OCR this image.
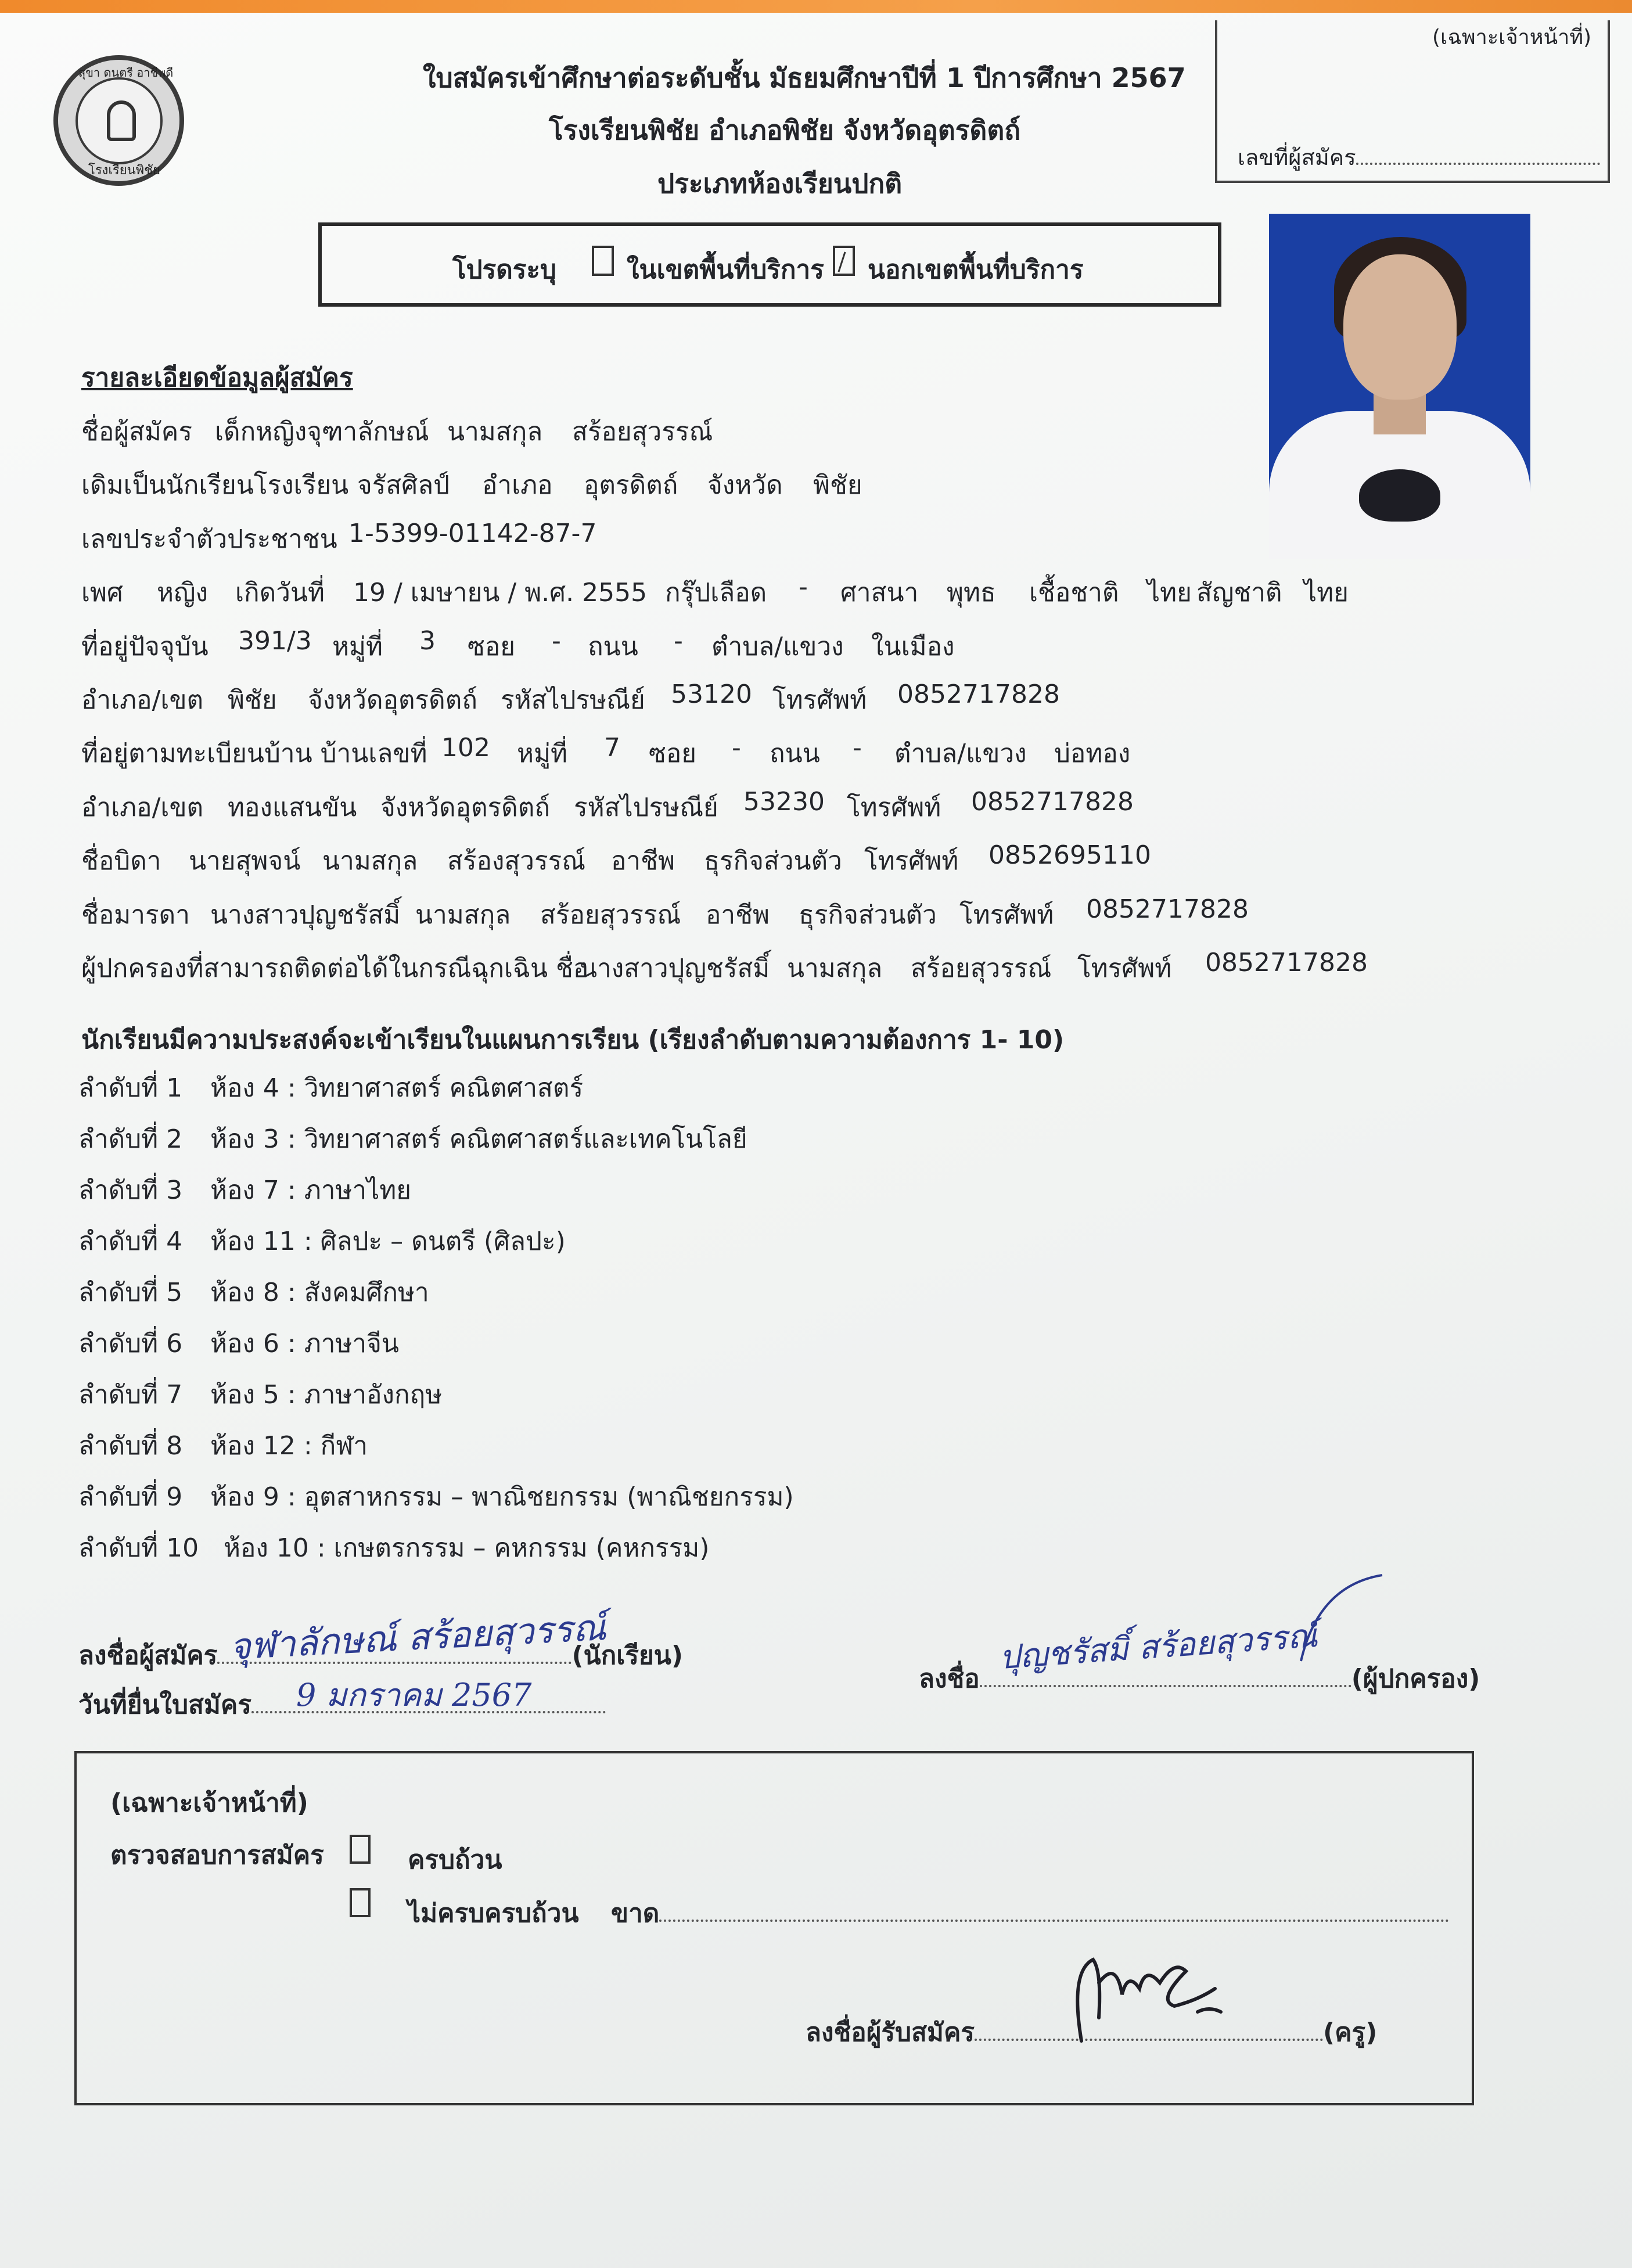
สุขา ดนตรี อาชีพดี
โรงเรียนพิชัย
ใบสมัครเข้าศึกษาต่อระดับชั้น มัธยมศึกษาปีที่ 1 ปีการศึกษา 2567
โรงเรียนพิชัย อำเภอพิชัย จังหวัดอุตรดิตถ์
ประเภทห้องเรียนปกติ
(เฉพาะเจ้าหน้าที่)
เลขที่ผู้สมัคร
โปรดระบุ	ในเขตพื้นที่บริการ นอกเขตพื้นที่บริการ
รายละเอียดข้อมูลผู้สมัคร
ชื่อผู้สมัคร เด็กหญิงจุฑาลักษณ์ นามสกุล สร้อยสุวรรณ์
เดิมเป็นนักเรียนโรงเรียน จรัสศิลป์ อำเภอ อุตรดิตถ์ จังหวัด พิชัย
เลขประจำตัวประชาชน 1-5399-01142-87-7
เพศ หญิง เกิดวันที่ 19 / เมษายน / พ.ศ. 2555 กรุ๊ปเลือด - ศาสนา พุทธ เชื้อชาติ ไทย สัญชาติ ไทย
ที่อยู่ปัจจุบัน 391/3 หมู่ที่ 3 ซอย - ถนน - ตำบล/แขวง ในเมือง
อำเภอ/เขต พิชัย จังหวัดอุตรดิตถ์ รหัสไปรษณีย์ 53120 โทรศัพท์ 0852717828
ที่อยู่ตามทะเบียนบ้าน บ้านเลขที่ 102 หมู่ที่ 7 ซอย - ถนน - ตำบล/แขวง บ่อทอง
อำเภอ/เขต ทองแสนขัน จังหวัดอุตรดิตถ์ รหัสไปรษณีย์ 53230 โทรศัพท์ 0852717828
ชื่อบิดา นายสุพจน์ นามสกุล สร้องสุวรรณ์ อาชีพ ธุรกิจส่วนตัว โทรศัพท์ 0852695110
ชื่อมารดา นางสาวปุญชรัสมิ์ นามสกุล สร้อยสุวรรณ์ อาชีพ ธุรกิจส่วนตัว โทรศัพท์ 0852717828
ผู้ปกครองที่สามารถติดต่อได้ในกรณีฉุกเฉิน ชื่อ
นางสาวปุญชรัสมิ์ นามสกุล สร้อยสุวรรณ์ โทรศัพท์ 0852717828
นักเรียนมีความประสงค์จะเข้าเรียนในแผนการเรียน (เรียงลำดับตามความต้องการ 1- 10)
ลำดับที่ 1 ห้อง 4 : วิทยาศาสตร์ คณิตศาสตร์
ลำดับที่ 2 ห้อง 3 : วิทยาศาสตร์ คณิตศาสตร์และเทคโนโลยี
ลำดับที่ 3 ห้อง 7 : ภาษาไทย
ลำดับที่ 4 ห้อง 11 : ศิลปะ – ดนตรี (ศิลปะ)
ลำดับที่ 5 ห้อง 8 : สังคมศึกษา
ลำดับที่ 6 ห้อง 6 : ภาษาจีน
ลำดับที่ 7 ห้อง 5 : ภาษาอังกฤษ
ลำดับที่ 8 ห้อง 12 : กีฬา
ลำดับที่ 9 ห้อง 9 : อุตสาหกรรม – พาณิชยกรรม (พาณิชยกรรม)
ลำดับที่ 10 ห้อง 10 : เกษตรกรรม – คหกรรม (คหกรรม)
ลงชื่อผู้สมัคร	(นักเรียน)
จุฬาลักษณ์ สร้อยสุวรรณ์
วันที่ยื่นใบสมัคร	9 มกราคม 2567	ลงชื่อ	(ผู้ปกครอง)
ปุญชรัสมิ์ สร้อยสุวรรณ์
(เฉพาะเจ้าหน้าที่)
ตรวจสอบการสมัคร	ครบถ้วน
ไม่ครบครบถ้วน ขาด
ลงชื่อผู้รับสมัคร	(ครู)
